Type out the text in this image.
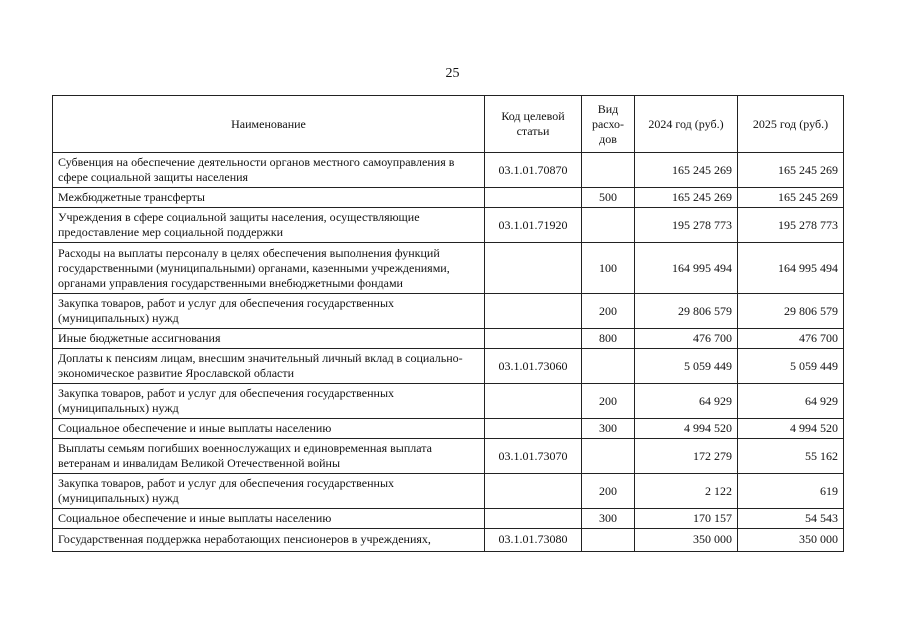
25
Наименование	Код целевой статьи	Вид расхо-дов	2024 год (руб.)	2025 год (руб.)
Субвенция на обеспечение деятельности органов местного самоуправления в сфере социальной защиты населения	03.1.01.70870		165 245 269	165 245 269
Межбюджетные трансферты		500	165 245 269	165 245 269
Учреждения в сфере социальной защиты населения, осуществляющие предоставление мер социальной поддержки	03.1.01.71920		195 278 773	195 278 773
Расходы на выплаты персоналу в целях обеспечения выполнения функций государственными (муниципальными) органами, казенными учреждениями, органами управления государственными внебюджетными фондами		100	164 995 494	164 995 494
Закупка товаров, работ и услуг для обеспечения государственных (муниципальных) нужд		200	29 806 579	29 806 579
Иные бюджетные ассигнования		800	476 700	476 700
Доплаты к пенсиям лицам, внесшим значительный личный вклад в социально-экономическое развитие Ярославской области	03.1.01.73060		5 059 449	5 059 449
Закупка товаров, работ и услуг для обеспечения государственных (муниципальных) нужд		200	64 929	64 929
Социальное обеспечение и иные выплаты населению		300	4 994 520	4 994 520
Выплаты семьям погибших военнослужащих и единовременная выплата ветеранам и инвалидам Великой Отечественной войны	03.1.01.73070		172 279	55 162
Закупка товаров, работ и услуг для обеспечения государственных (муниципальных) нужд		200	2 122	619
Социальное обеспечение и иные выплаты населению		300	170 157	54 543
Государственная поддержка неработающих пенсионеров в учреждениях,	03.1.01.73080		350 000	350 000
